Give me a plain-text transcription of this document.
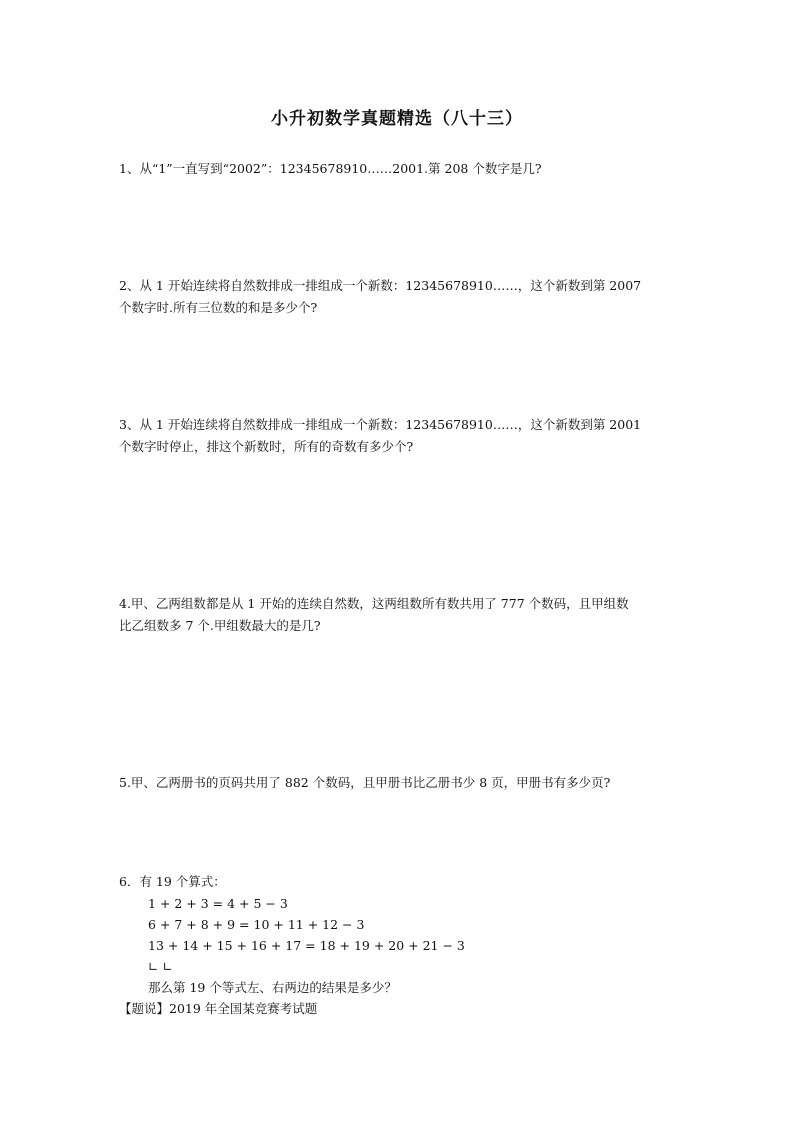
小升初数学真题精选（八十三）

1、从“1”一直写到“2002”：12345678910……2001.第 208 个数字是几?

2、从 1 开始连续将自然数排成一排组成一个新数：12345678910……，这个新数到第 2007

个数字时.所有三位数的和是多少个?

3、从 1 开始连续将自然数排成一排组成一个新数：12345678910……，这个新数到第 2001

个数字时停止，排这个新数时，所有的奇数有多少个?

4.甲、乙两组数都是从 1 开始的连续自然数，这两组数所有数共用了 777 个数码，且甲组数

比乙组数多 7 个.甲组数最大的是几?

5.甲、乙两册书的页码共用了 882 个数码，且甲册书比乙册书少 8 页，甲册书有多少页?

6．有 19 个算式：

1 + 2 + 3 = 4 + 5 − 3
6 + 7 + 8 + 9 = 10 + 11 + 12 − 3
13 + 14 + 15 + 16 + 17 = 18 + 19 + 20 + 21 − 3
∟ ∟
那么第 19 个等式左、右两边的结果是多少？
【题说】2019 年全国某竞赛考试题
